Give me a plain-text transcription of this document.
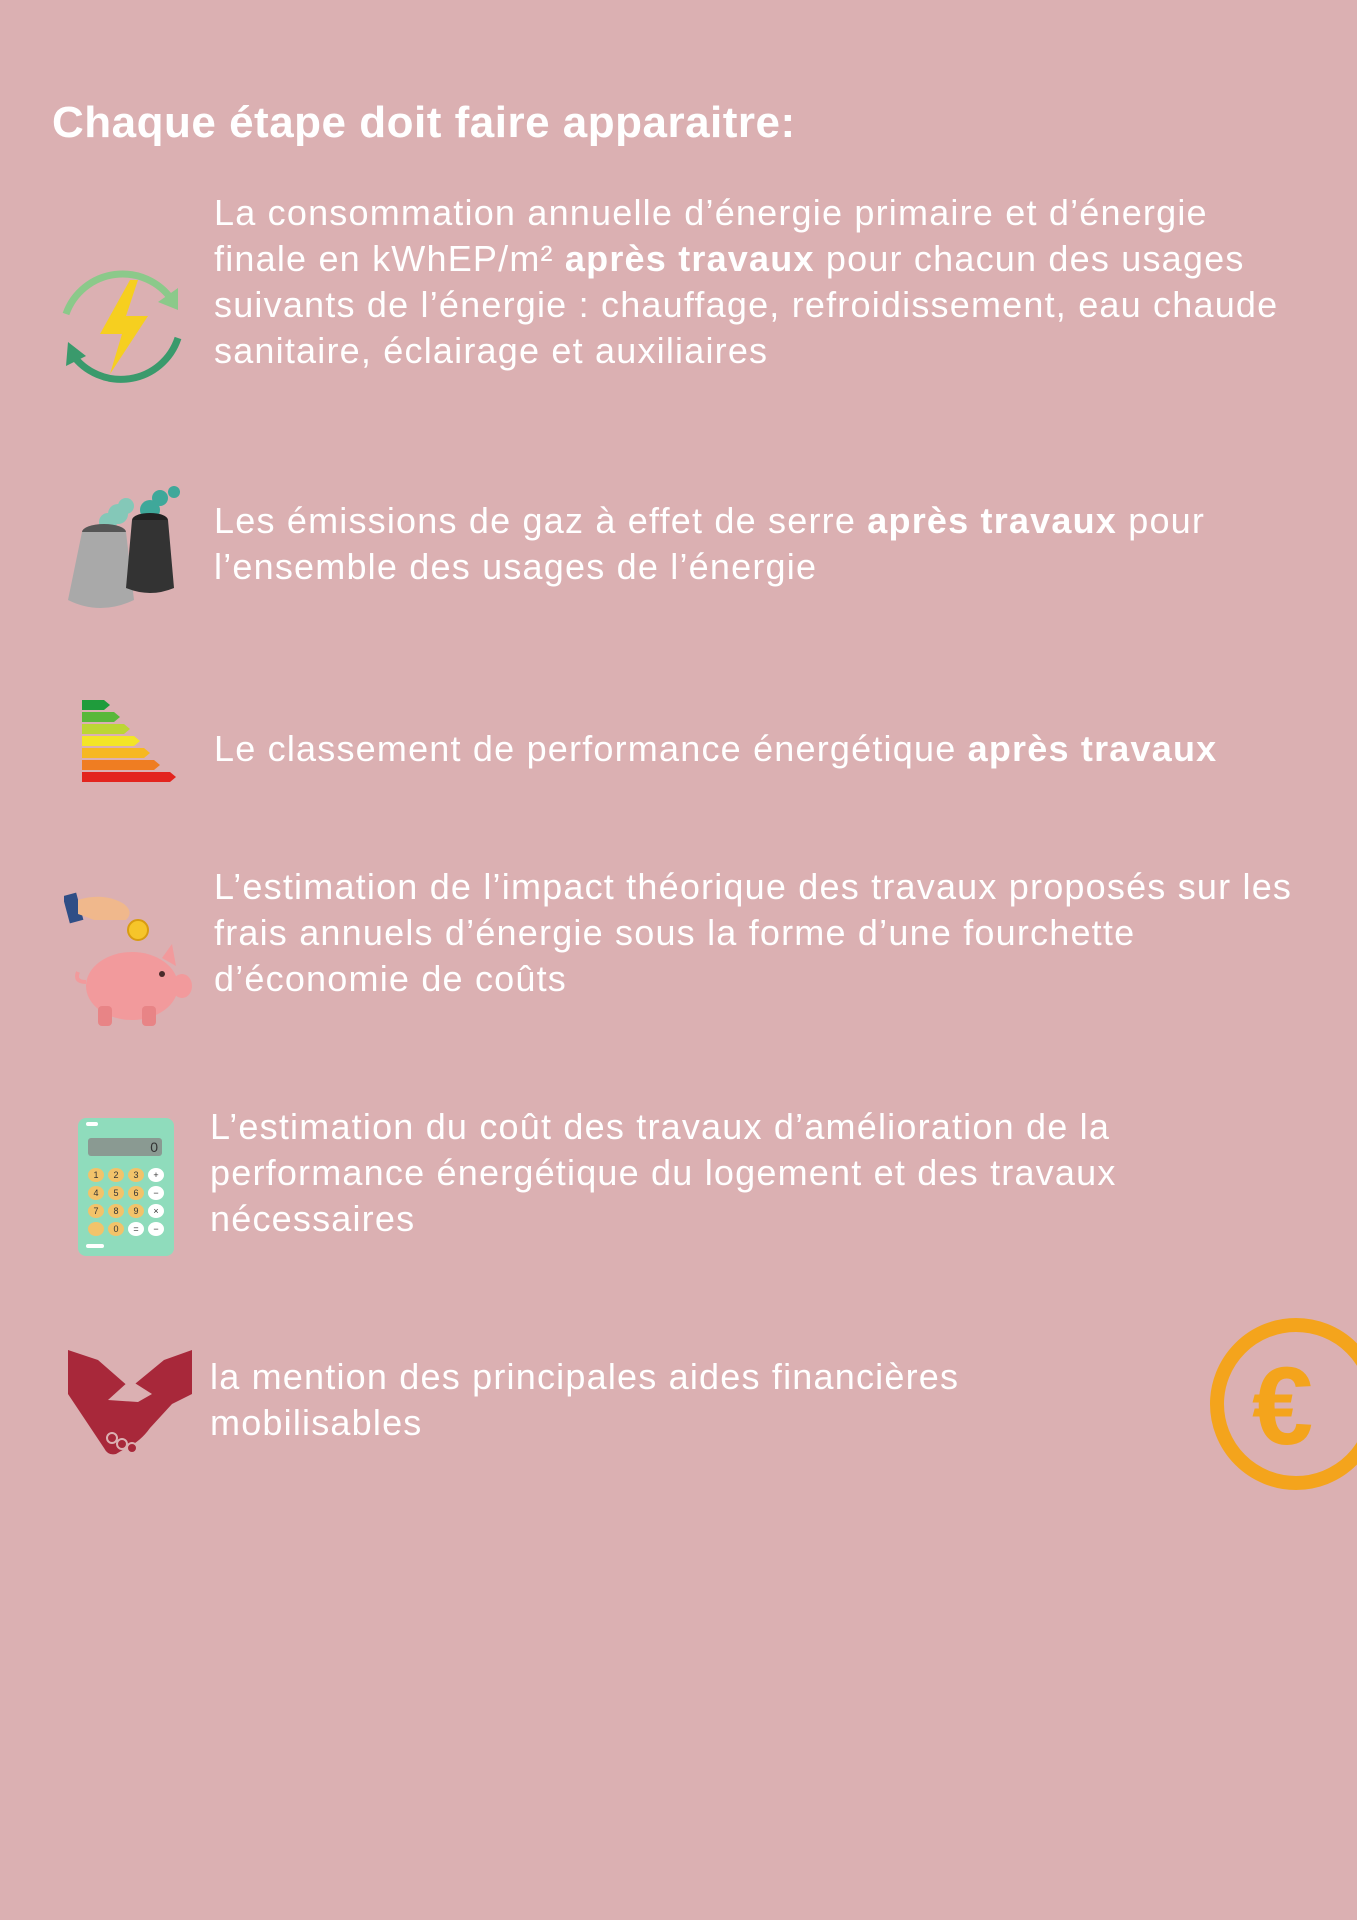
Chaque étape doit faire apparaitre:

La consommation annuelle d’énergie primaire et d’énergie finale en kWhEP/m² après travaux pour chacun des usages suivants de l’énergie : chauffage, refroidissement, eau chaude sanitaire, éclairage et auxiliaires

Les émissions de gaz à effet de serre après travaux pour l’ensemble des usages de l’énergie

Le classement de performance énergétique après travaux

L’estimation de l’impact théorique des travaux proposés sur les frais annuels d’énergie sous la forme d’une fourchette d’économie de coûts

0
1	2	3	+
4	5	6	−
7	8	9	×
0	=	−

L’estimation du coût des travaux d’amélioration de la performance énergétique du logement et des travaux nécessaires

la mention des principales aides financières mobilisables	€
